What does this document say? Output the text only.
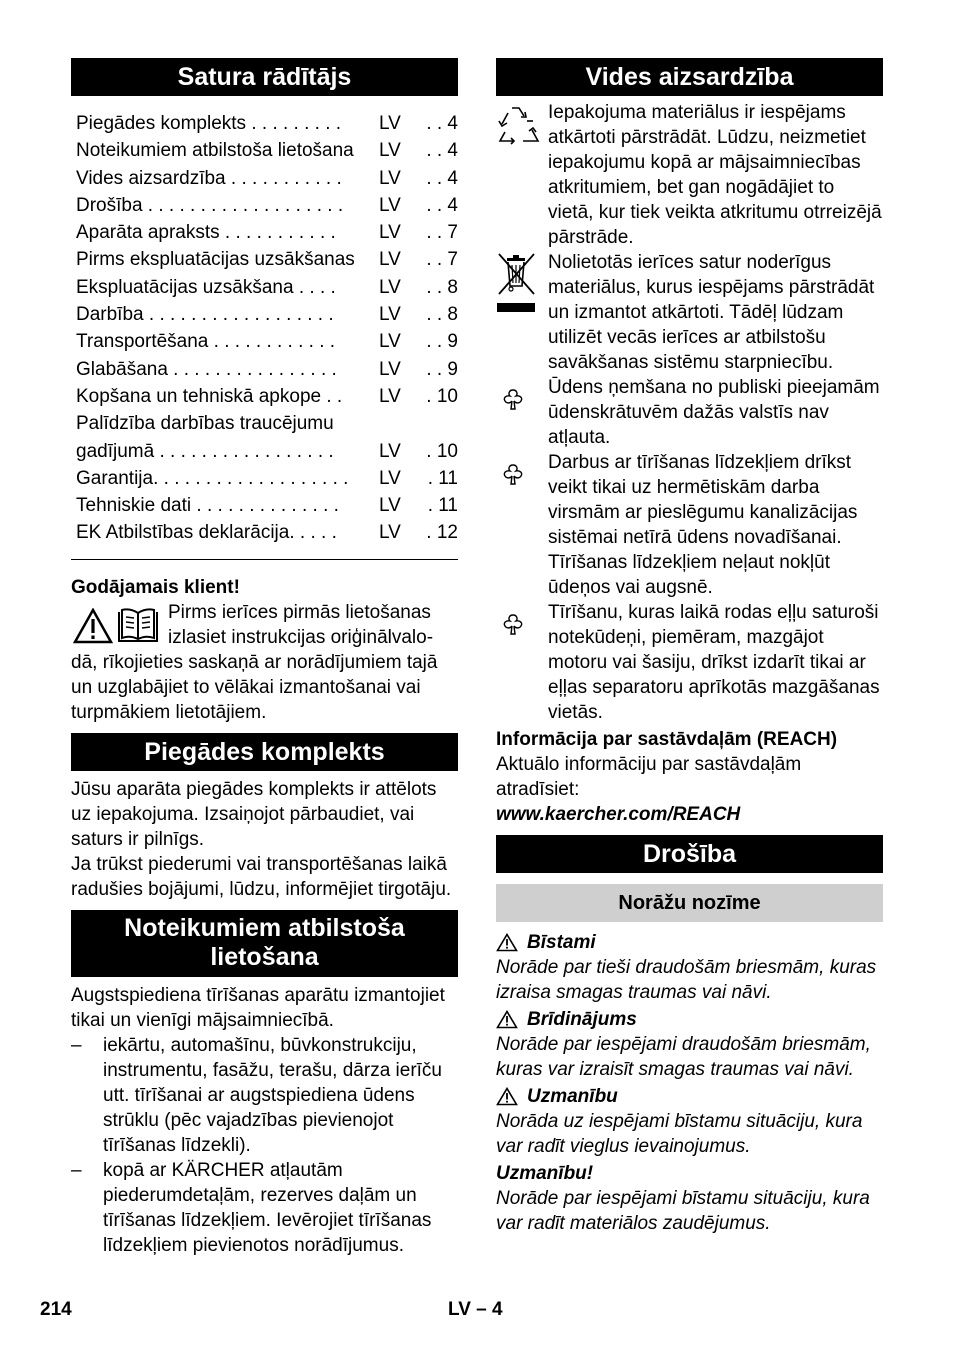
Satura rādītājs
Piegādes komplekts . . . . . . . . .	LV	. . 4
Noteikumiem atbilstoša lietošana	LV	. . 4
Vides aizsardzība . . . . . . . . . . .	LV	. . 4
Drošība . . . . . . . . . . . . . . . . . . .	LV	. . 4
Aparāta apraksts . . . . . . . . . . .	LV	. . 7
Pirms ekspluatācijas uzsākšanas	LV	. . 7
Ekspluatācijas uzsākšana . . . .	LV	. . 8
Darbība . . . . . . . . . . . . . . . . . .	LV	. . 8
Transportēšana . . . . . . . . . . . .	LV	. . 9
Glabāšana . . . . . . . . . . . . . . . .	LV	. . 9
Kopšana un tehniskā apkope . .	LV	. 10
Palīdzība darbības traucējumu
gadījumā . . . . . . . . . . . . . . . . .	LV	. 10
Garantija. . . . . . . . . . . . . . . . . . .	LV	. 11
Tehniskie dati . . . . . . . . . . . . . .	LV	. 11
EK Atbilstības deklarācija. . . . .	LV	. 12
Godājamais klient!
Pirms ierīces pirmās lietošanas
izlasiet instrukcijas oriģinālvalo-
dā, rīkojieties saskaņā ar norādījumiem tajā un uzglabājiet to vēlākai izmantošanai vai turpmākiem lietotājiem.
Piegādes komplekts
Jūsu aparāta piegādes komplekts ir attēlots uz iepakojuma. Izsaiņojot pārbaudiet, vai saturs ir pilnīgs.
Ja trūkst piederumi vai transportēšanas laikā radušies bojājumi, lūdzu, informējiet tirgotāju.
Noteikumiem atbilstoša
lietošana
Augstspiediena tīrīšanas aparātu izmantojiet tikai un vienīgi mājsaimniecībā.
–	iekārtu, automašīnu, būvkonstrukciju, instrumentu, fasāžu, terašu, dārza ierīču utt. tīrīšanai ar augstspiediena ūdens strūklu (pēc vajadzības pievienojot tīrīšanas līdzekli).
–	kopā ar KÄRCHER atļautām piederumdetaļām, rezerves daļām un tīrīšanas līdzekļiem. Ievērojiet tīrīšanas līdzekļiem pievienotos norādījumus.
Vides aizsardzība
Iepakojuma materiālus ir iespējams atkārtoti pārstrādāt. Lūdzu, neizmetiet iepakojumu kopā ar mājsaimniecības atkritumiem, bet gan nogādājiet to vietā, kur tiek veikta atkritumu otrreizējā pārstrāde.
Nolietotās ierīces satur noderīgus materiālus, kurus iespējams pārstrādāt un izmantot atkārtoti. Tādēļ lūdzam utilizēt vecās ierīces ar atbilstošu savākšanas sistēmu starpniecību.
Ūdens ņemšana no publiski pieejamām ūdenskrātuvēm dažās valstīs nav atļauta.
Darbus ar tīrīšanas līdzekļiem drīkst veikt tikai uz hermētiskām darba virsmām ar pieslēgumu kanalizācijas sistēmai netīrā ūdens novadīšanai. Tīrīšanas līdzekļiem neļaut nokļūt ūdeņos vai augsnē.
Tīrīšanu, kuras laikā rodas eļļu saturoši notekūdeņi, piemēram, mazgājot motoru vai šasiju, drīkst izdarīt tikai ar eļļas separatoru aprīkotās mazgāšanas vietās.
Informācija par sastāvdaļām (REACH)
Aktuālo informāciju par sastāvdaļām atradīsiet:
www.kaercher.com/REACH
Drošība
Norāžu nozīme
Bīstami
Norāde par tieši draudošām briesmām, kuras izraisa smagas traumas vai nāvi.
Brīdinājums
Norāde par iespējami draudošām briesmām, kuras var izraisīt smagas traumas vai nāvi.
Uzmanību
Norāda uz iespējami bīstamu situāciju, kura var radīt vieglus ievainojumus.
Uzmanību!
Norāde par iespējami bīstamu situāciju, kura var radīt materiālos zaudējumus.
214	LV – 4
